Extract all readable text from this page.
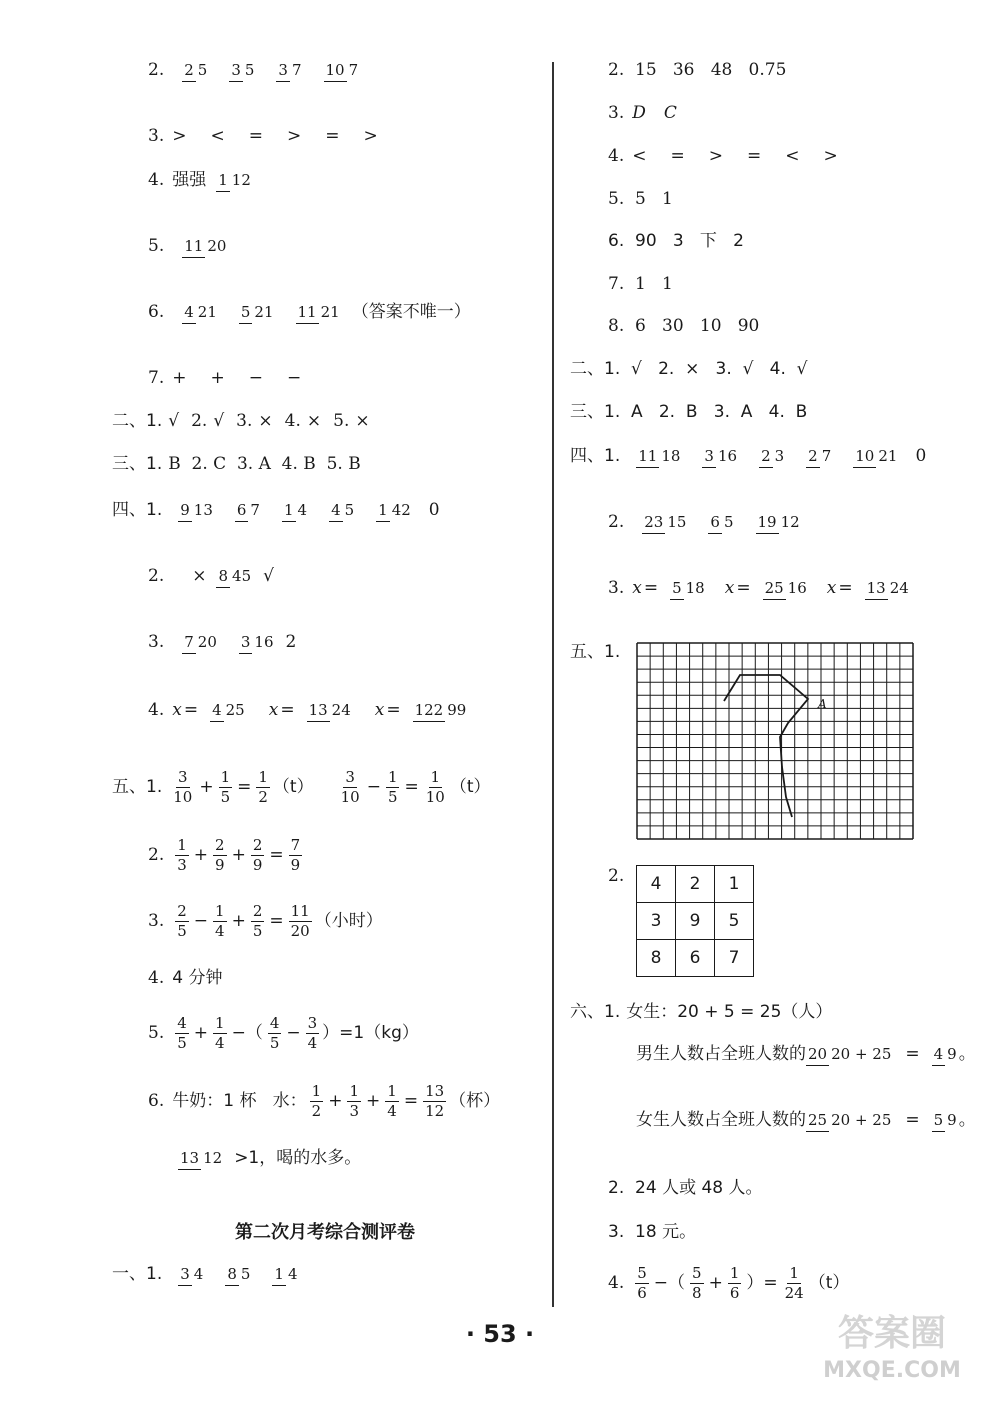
2. 2 5 3 5 3 7 10 7
3. > < = > = >
4. 强强 1 12
5. 11 20
6. 4 21 5 21 11 21 （答案不唯一）
7. + + − −
二、1. √ 2. √ 3. × 4. × 5. ×
三、1. B  2. C  3. A  4. B  5. B
四、1. 9 13 6 7 1 4 4 5 1 42 0
2. × 8 45 √
3. 7 20 3 16 2
4. x = 4 25 x = 13 24 x = 122 99
五、1. $\frac{3}{10} + \frac{1}{5} = \frac{1}{2} (t) \frac{3}{10} - \frac{1}{5} = \frac{1}{10} (t)$
2. $\frac{1}{3} + \frac{2}{9} + \frac{2}{9} = \frac{7}{9}$
3. $\frac{2}{5} - \frac{1}{4} + \frac{2}{5} = \frac{11}{20}$ （小时）
4. 4 分钟
5. $\frac{4}{5} + \frac{1}{4}$ −（ $\frac{4}{5} - \frac{3}{4} )=1(kg)$
6. 牛奶：1 杯   水： $\frac{1}{2} + \frac{1}{3} + \frac{1}{4} = \frac{13}{12}$ （杯）
13 12 >1，喝的水多。
第二次月考综合测评卷
一、1. 3 4 8 5 1 4
2.  15   36   48   0.75
3. D C
4. < = > = < >
5.  5   1
6.  90   3   下   2
7.  1   1
8.  6   30   10   90
二、1.  √   2.  ×   3.  √   4.  √
三、1.  A   2.  B   3.  A   4.  B
四、1. 11 18 3 16 2 3 2 7 10 21 0
2. 23 15 6 5 19 12
3. x = 5 18 x = 25 16 x = 13 24
五、1.
A
2. 4	2	1
3	9	5
8	6	7
六、1. 女生：20 + 5 = 25（人）
男生人数占全班人数的 20 20 + 25 = 4 9 。
女生人数占全班人数的 25 20 + 25 = 5 9 。
2.  24 人或 48 人。
3.  18 元。
4. $\frac{5}{6}$ −（ $\frac{5}{8} + \frac{1}{6}$ ）= $\frac{1}{24} (t)$
· 53 ·	答案圈
MXQE.COM
